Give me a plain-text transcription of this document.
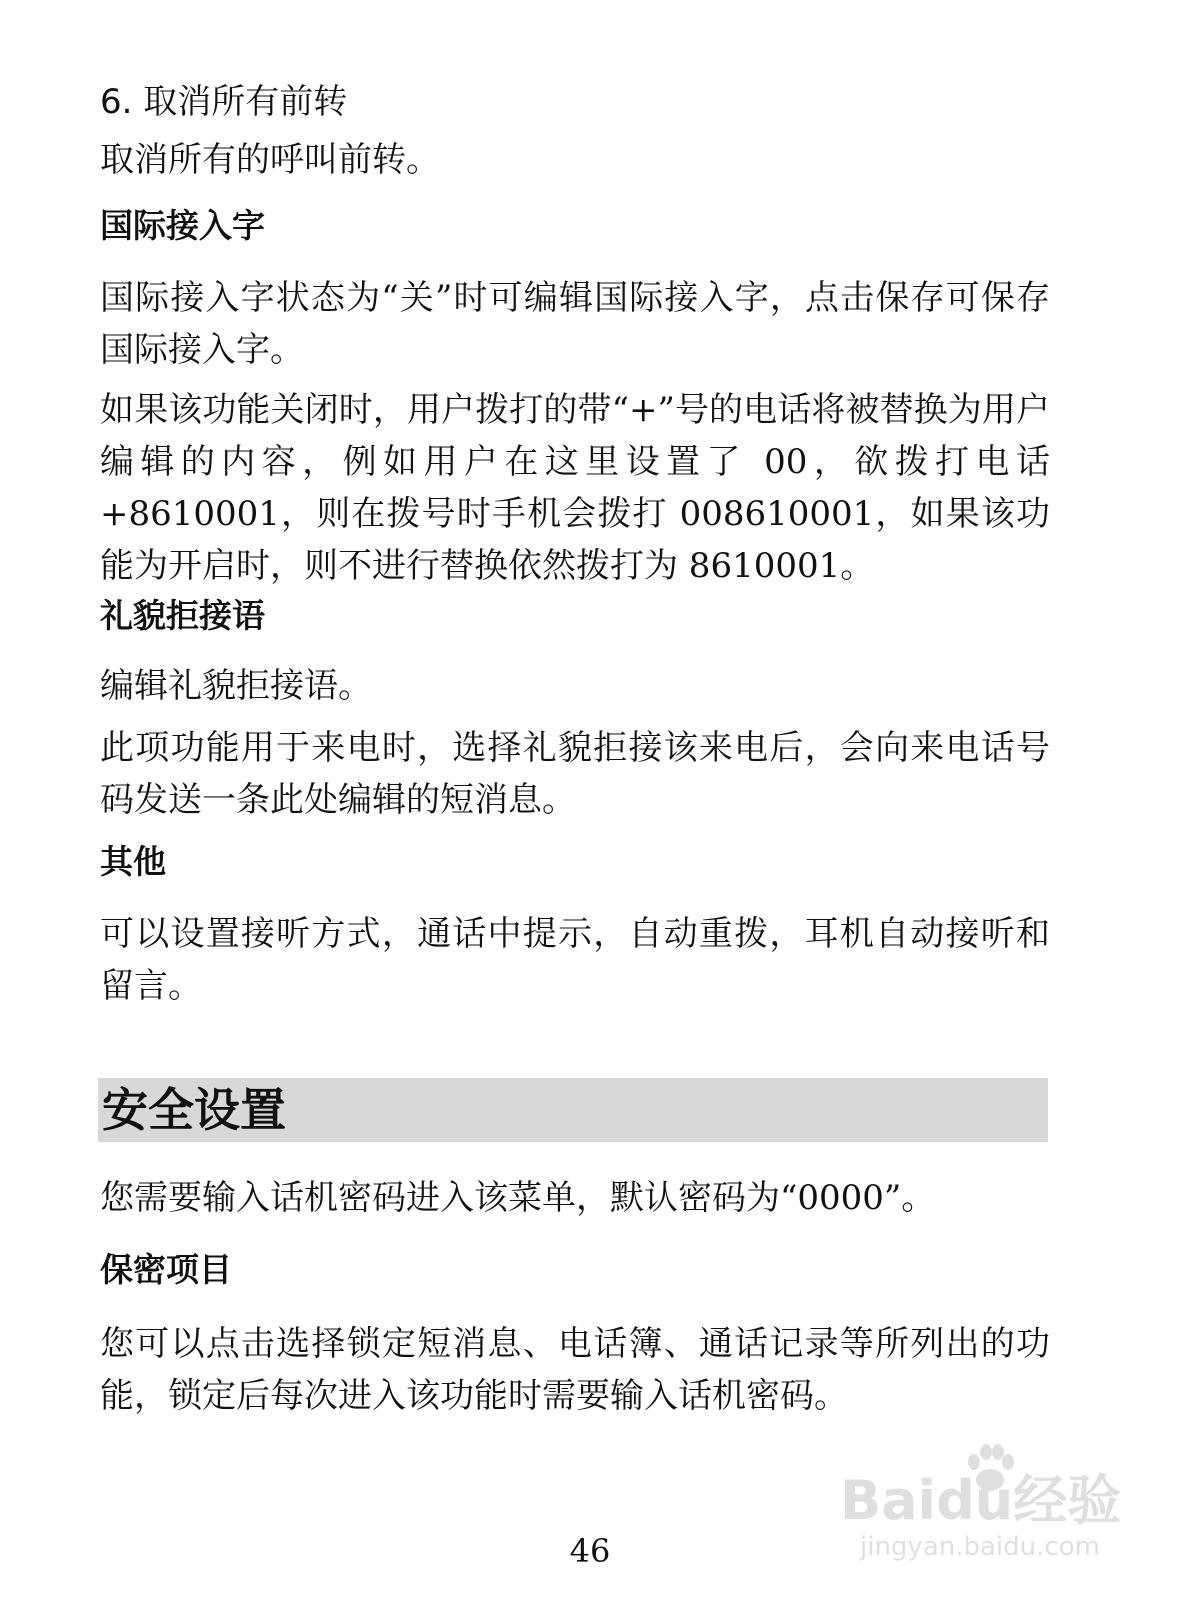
6. 取消所有前转

取消所有的呼叫前转。

国际接入字

国际接入字状态为“关”时可编辑国际接入字，点击保存可保存国际接入字。

如果该功能关闭时，用户拨打的带“+”号的电话将被替换为用户编辑的内容，例如用户在这里设置了 00，欲拨打电话 +8610001，则在拨号时手机会拨打 008610001，如果该功能为开启时，则不进行替换依然拨打为 8610001。

礼貌拒接语

编辑礼貌拒接语。

此项功能用于来电时，选择礼貌拒接该来电后，会向来电话号码发送一条此处编辑的短消息。

其他

可以设置接听方式，通话中提示，自动重拨，耳机自动接听和留言。

安全设置

您需要输入话机密码进入该菜单，默认密码为“0000”。

保密项目

您可以点击选择锁定短消息、电话簿、通话记录等所列出的功能，锁定后每次进入该功能时需要输入话机密码。

Baidu经验
jingyan.baidu.com
46
